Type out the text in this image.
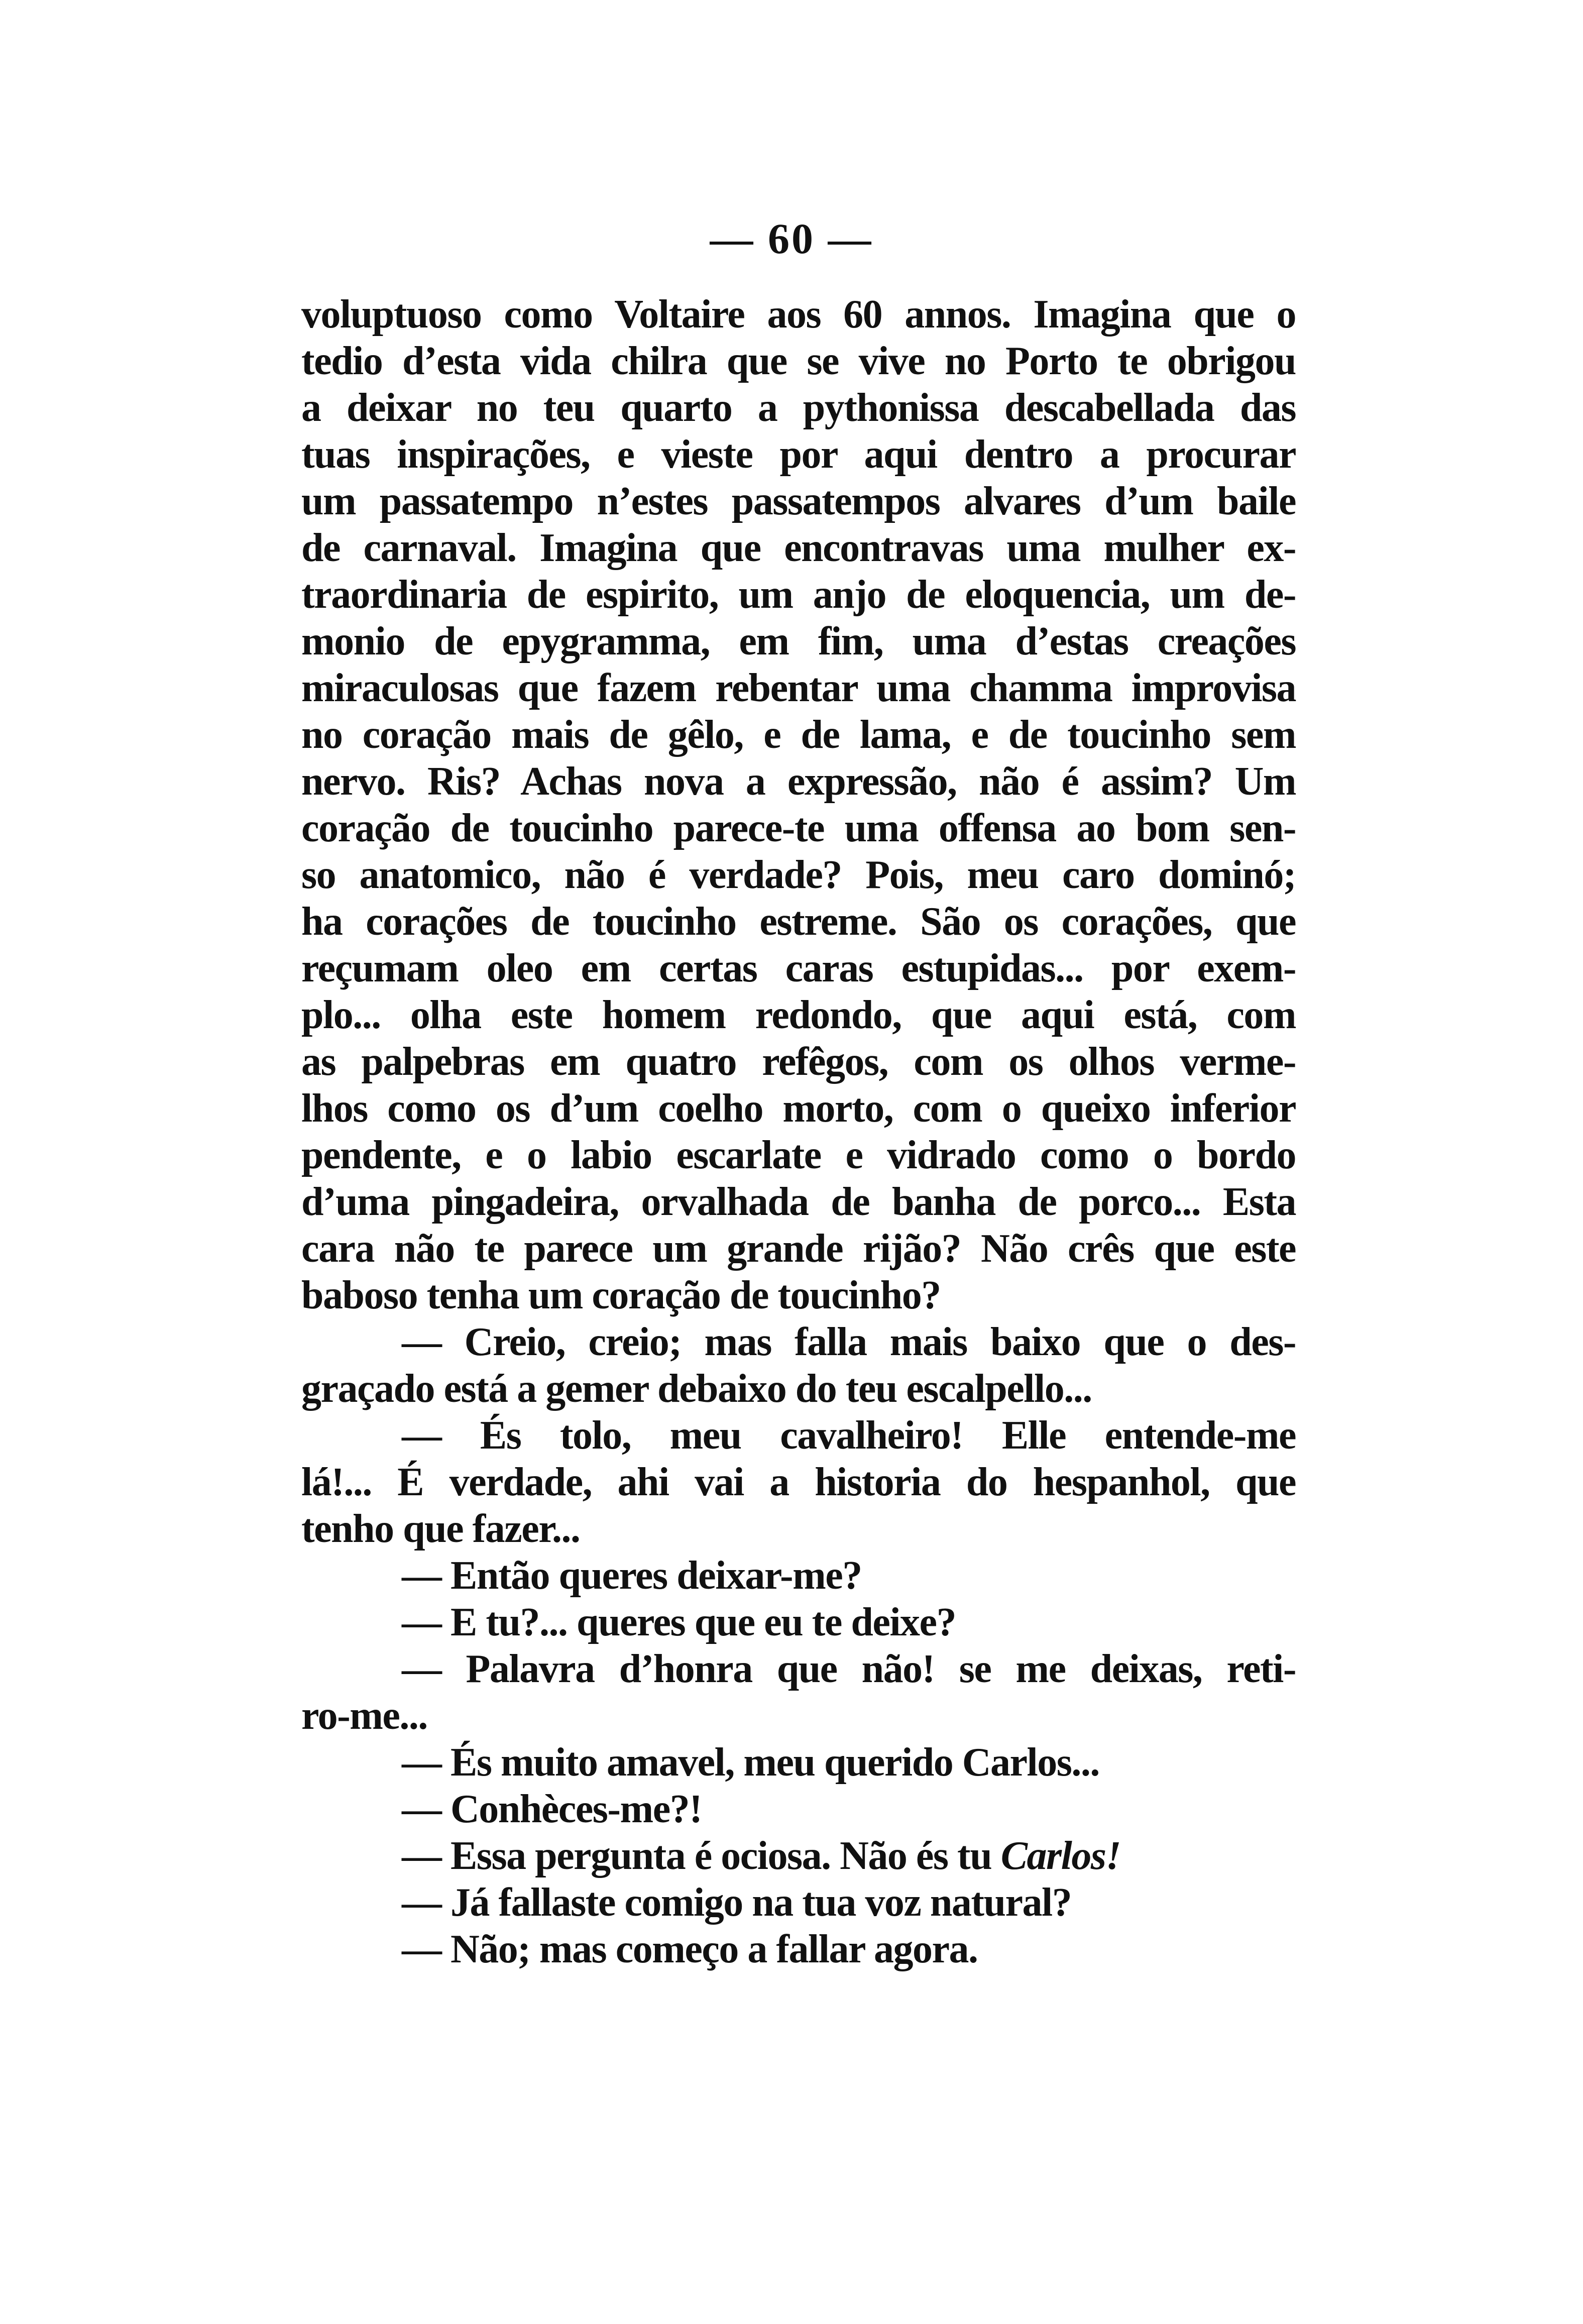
— 60 —
voluptuoso como Voltaire aos 60 annos. Imagina que o
tedio d’esta vida chilra que se vive no Porto te obrigou
a deixar no teu quarto a pythonissa descabellada das
tuas inspirações, e vieste por aqui dentro a procurar
um passatempo n’estes passatempos alvares d’um baile
de carnaval. Imagina que encontravas uma mulher ex-
traordinaria de espirito, um anjo de eloquencia, um de-
monio de epygramma, em fim, uma d’estas creações
miraculosas que fazem rebentar uma chamma improvisa
no coração mais de gêlo, e de lama, e de toucinho sem
nervo. Ris? Achas nova a expressão, não é assim? Um
coração de toucinho parece-te uma offensa ao bom sen-
so anatomico, não é verdade? Pois, meu caro dominó;
ha corações de toucinho estreme. São os corações, que
reçumam oleo em certas caras estupidas... por exem-
plo... olha este homem redondo, que aqui está, com
as palpebras em quatro refêgos, com os olhos verme-
lhos como os d’um coelho morto, com o queixo inferior
pendente, e o labio escarlate e vidrado como o bordo
d’uma pingadeira, orvalhada de banha de porco... Esta
cara não te parece um grande rijão? Não crês que este
baboso tenha um coração de toucinho?
— Creio, creio; mas falla mais baixo que o des-
graçado está a gemer debaixo do teu escalpello...
— És tolo, meu cavalheiro! Elle entende-me
lá!... É verdade, ahi vai a historia do hespanhol, que
tenho que fazer...
— Então queres deixar-me?
— E tu?... queres que eu te deixe?
— Palavra d’honra que não! se me deixas, reti-
ro-me...
— És muito amavel, meu querido Carlos...
— Conhèces-me?!
— Essa pergunta é ociosa. Não és tu Carlos!
— Já fallaste comigo na tua voz natural?
— Não; mas começo a fallar agora.
